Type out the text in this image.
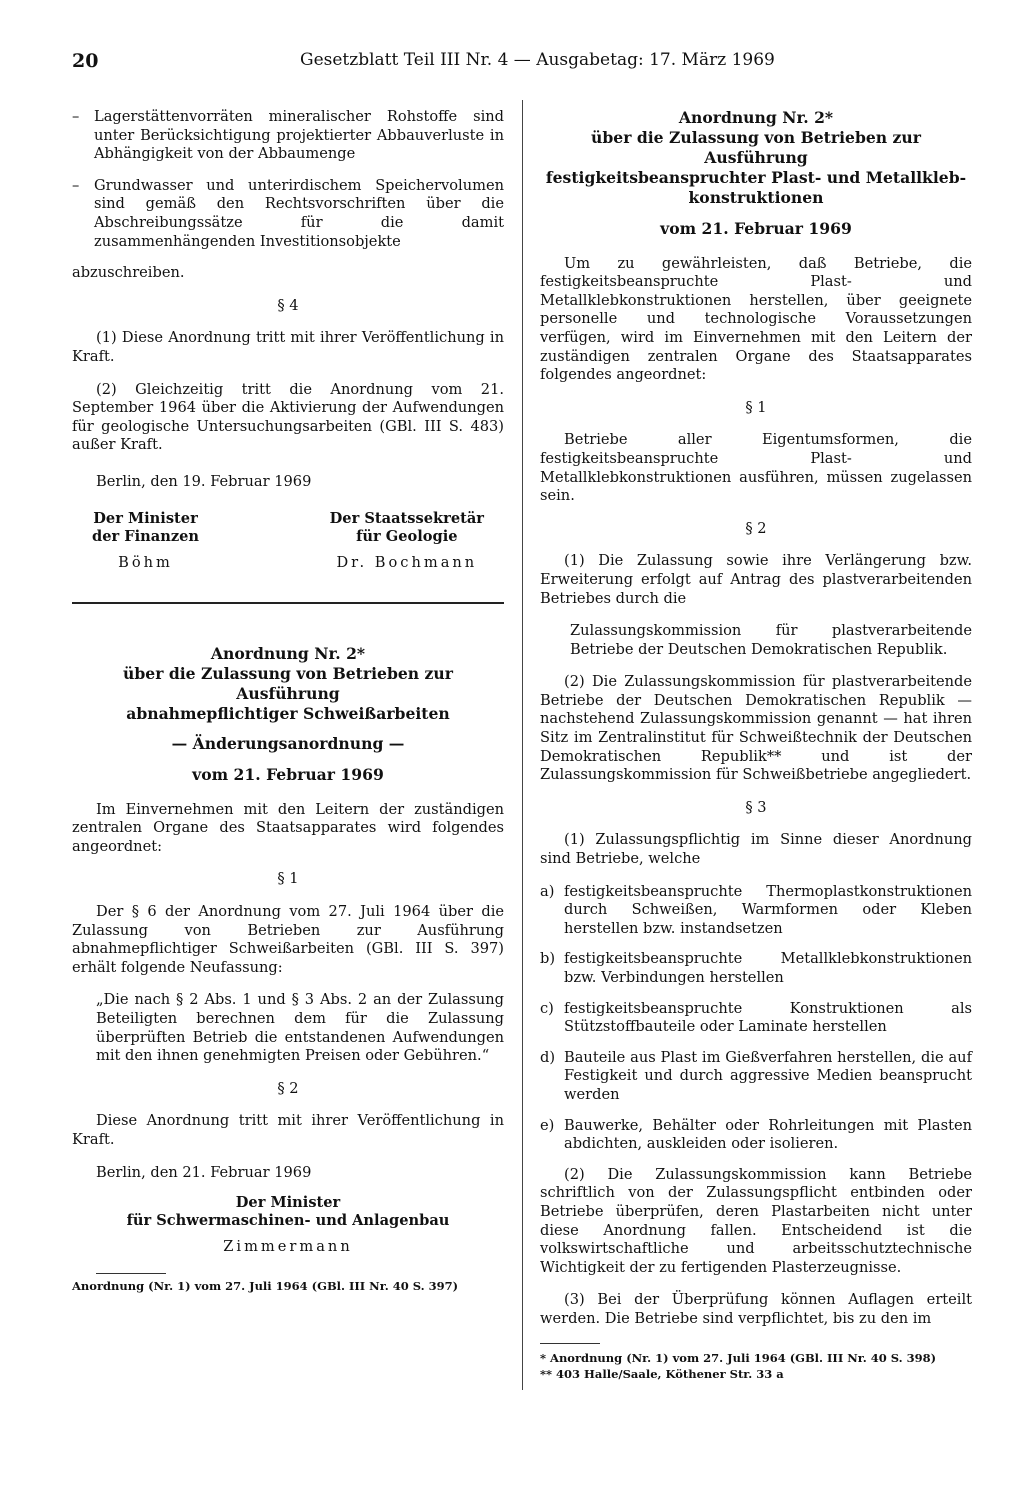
20	Gesetzblatt Teil III Nr. 4 — Ausgabetag: 17. März 1969
– Lagerstättenvorräten mineralischer Rohstoffe sind unter Berücksichtigung projektierter Abbauverluste in Abhängigkeit von der Abbaumenge
– Grundwasser und unterirdischem Speichervolumen sind gemäß den Rechtsvorschriften über die Abschreibungssätze für die damit zusammenhängenden Investitionsobjekte

abzuschreiben.

§ 4

(1) Diese Anordnung tritt mit ihrer Veröffentlichung in Kraft.

(2) Gleichzeitig tritt die Anordnung vom 21. September 1964 über die Aktivierung der Aufwendungen für geologische Untersuchungsarbeiten (GBl. III S. 483) außer Kraft.

Berlin, den 19. Februar 1969
Der Minister
der Finanzen
Böhm
Der Staatssekretär
für Geologie
Dr. Bochmann
Anordnung Nr. 2*
über die Zulassung von Betrieben zur Ausführung
abnahmepflichtiger Schweißarbeiten
— Änderungsanordnung —
vom 21. Februar 1969

Im Einvernehmen mit den Leitern der zuständigen zentralen Organe des Staatsapparates wird folgendes angeordnet:

§ 1

Der § 6 der Anordnung vom 27. Juli 1964 über die Zulassung von Betrieben zur Ausführung abnahmepflichtiger Schweißarbeiten (GBl. III S. 397) erhält folgende Neufassung:

„Die nach § 2 Abs. 1 und § 3 Abs. 2 an der Zulassung Beteiligten berechnen dem für die Zulassung überprüften Betrieb die entstandenen Aufwendungen mit den ihnen genehmigten Preisen oder Gebühren.“

§ 2

Diese Anordnung tritt mit ihrer Veröffentlichung in Kraft.

Berlin, den 21. Februar 1969
Der Minister
für Schwermaschinen- und Anlagenbau
Zimmermann

Anordnung (Nr. 1) vom 27. Juli 1964 (GBl. III Nr. 40 S. 397)

Anordnung Nr. 2*
über die Zulassung von Betrieben zur Ausführung
festigkeitsbeanspruchter Plast- und Metallkleb-
konstruktionen
vom 21. Februar 1969

Um zu gewährleisten, daß Betriebe, die festigkeitsbeanspruchte Plast- und Metallklebkonstruktionen herstellen, über geeignete personelle und technologische Voraussetzungen verfügen, wird im Einvernehmen mit den Leitern der zuständigen zentralen Organe des Staatsapparates folgendes angeordnet:

§ 1

Betriebe aller Eigentumsformen, die festigkeitsbeanspruchte Plast- und Metallklebkonstruktionen ausführen, müssen zugelassen sein.

§ 2

(1) Die Zulassung sowie ihre Verlängerung bzw. Erweiterung erfolgt auf Antrag des plastverarbeitenden Betriebes durch die

Zulassungskommission für plastverarbeitende Betriebe der Deutschen Demokratischen Republik.

(2) Die Zulassungskommission für plastverarbeitende Betriebe der Deutschen Demokratischen Republik — nachstehend Zulassungskommission genannt — hat ihren Sitz im Zentralinstitut für Schweißtechnik der Deutschen Demokratischen Republik** und ist der Zulassungskommission für Schweißbetriebe angegliedert.

§ 3

(1) Zulassungspflichtig im Sinne dieser Anordnung sind Betriebe, welche

a) festigkeitsbeanspruchte Thermoplastkonstruktionen durch Schweißen, Warmformen oder Kleben herstellen bzw. instandsetzen
b) festigkeitsbeanspruchte Metallklebkonstruktionen bzw. Verbindungen herstellen
c) festigkeitsbeanspruchte Konstruktionen als Stützstoffbauteile oder Laminate herstellen
d) Bauteile aus Plast im Gießverfahren herstellen, die auf Festigkeit und durch aggressive Medien beansprucht werden
e) Bauwerke, Behälter oder Rohrleitungen mit Plasten abdichten, auskleiden oder isolieren.

(2) Die Zulassungskommission kann Betriebe schriftlich von der Zulassungspflicht entbinden oder Betriebe überprüfen, deren Plastarbeiten nicht unter diese Anordnung fallen. Entscheidend ist die volkswirtschaftliche und arbeitsschutztechnische Wichtigkeit der zu fertigenden Plasterzeugnisse.

(3) Bei der Überprüfung können Auflagen erteilt werden. Die Betriebe sind verpflichtet, bis zu den im

* Anordnung (Nr. 1) vom 27. Juli 1964 (GBl. III Nr. 40 S. 398)

** 403 Halle/Saale, Köthener Str. 33 a
